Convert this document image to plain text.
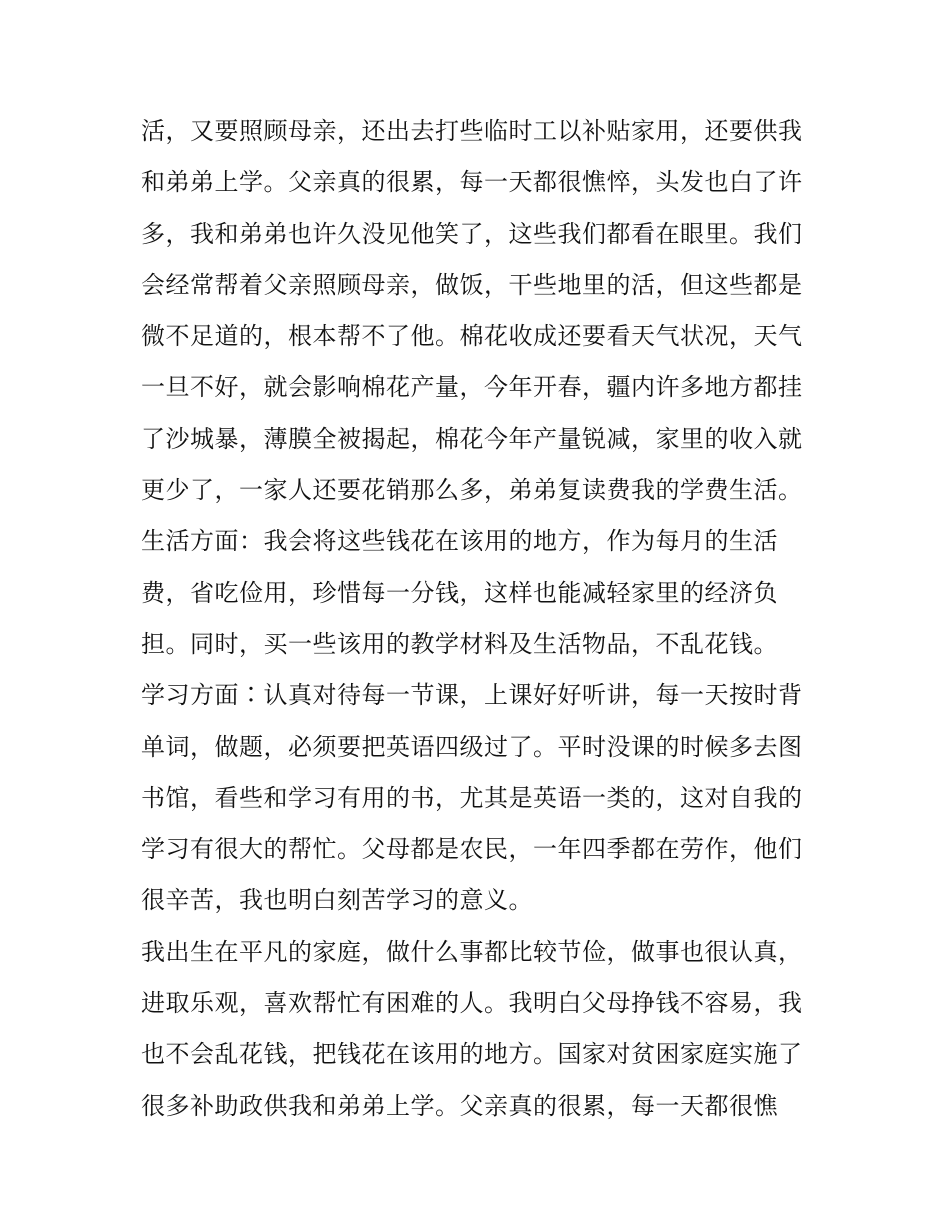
活，又要照顾母亲，还出去打些临时工以补贴家用，还要供我
和弟弟上学。父亲真的很累，每一天都很憔悴，头发也白了许
多，我和弟弟也许久没见他笑了，这些我们都看在眼里。我们
会经常帮着父亲照顾母亲，做饭，干些地里的活，但这些都是
微不足道的，根本帮不了他。棉花收成还要看天气状况，天气
一旦不好，就会影响棉花产量，今年开春，疆内许多地方都挂
了沙城暴，薄膜全被揭起，棉花今年产量锐减，家里的收入就
更少了，一家人还要花销那么多，弟弟复读费我的学费生活。
生活方面：我会将这些钱花在该用的地方，作为每月的生活
费，省吃俭用，珍惜每一分钱，这样也能减轻家里的经济负
担。同时，买一些该用的教学材料及生活物品，不乱花钱。
学习方面∶认真对待每一节课，上课好好听讲，每一天按时背
单词，做题，必须要把英语四级过了。平时没课的时候多去图
书馆，看些和学习有用的书，尤其是英语一类的，这对自我的
学习有很大的帮忙。父母都是农民，一年四季都在劳作，他们
很辛苦，我也明白刻苦学习的意义。
我出生在平凡的家庭，做什么事都比较节俭，做事也很认真，
进取乐观，喜欢帮忙有困难的人。我明白父母挣钱不容易，我
也不会乱花钱，把钱花在该用的地方。国家对贫困家庭实施了
很多补助政供我和弟弟上学。父亲真的很累，每一天都很憔
